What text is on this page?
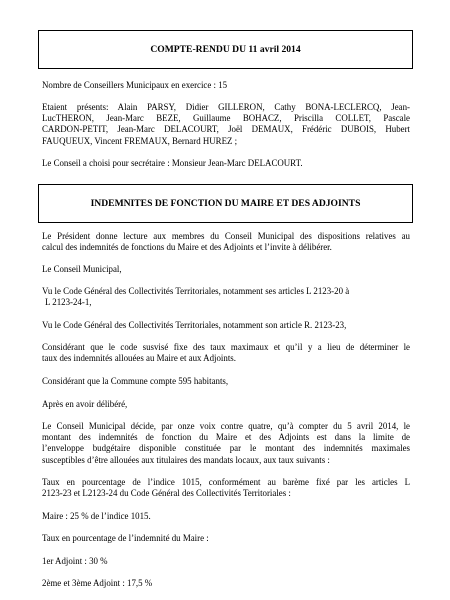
COMPTE-RENDU DU 11 avril 2014

Nombre de Conseillers Municipaux en exercice : 15

Etaient présents: Alain PARSY, Didier GILLERON, Cathy BONA-LECLERCQ, Jean-
LucTHERON, Jean-Marc BEZE, Guillaume BOHACZ, Priscilla COLLET, Pascale
CARDON-PETIT, Jean-Marc DELACOURT, Joël DEMAUX, Frédéric DUBOIS, Hubert
FAUQUEUX, Vincent FREMAUX, Bernard HUREZ ;

Le Conseil a choisi pour secrétaire : Monsieur Jean-Marc DELACOURT.

INDEMNITES DE FONCTION DU MAIRE ET DES ADJOINTS

Le Président donne lecture aux membres du Conseil Municipal des dispositions relatives au
calcul des indemnités de fonctions du Maire et des Adjoints et l’invite à délibérer.

Le Conseil Municipal,

Vu le Code Général des Collectivités Territoriales, notamment ses articles L 2123-20 à
L 2123-24-1,

Vu le Code Général des Collectivités Territoriales, notamment son article R. 2123-23,

Considérant que le code susvisé fixe des taux maximaux et qu’il y a lieu de déterminer le
taux des indemnités allouées au Maire et aux Adjoints.

Considérant que la Commune compte 595 habitants,

Après en avoir délibéré,

Le Conseil Municipal décide, par onze voix contre quatre, qu’à compter du 5 avril 2014, le
montant des indemnités de fonction du Maire et des Adjoints est dans la limite de
l’enveloppe budgétaire disponible constituée par le montant des indemnités maximales
susceptibles d’être allouées aux titulaires des mandats locaux, aux taux suivants :

Taux en pourcentage de l’indice 1015, conformément au barème fixé par les articles L
2123-23 et L2123-24 du Code Général des Collectivités Territoriales :

Maire : 25 % de l’indice 1015.

Taux en pourcentage de l’indemnité du Maire :

1er Adjoint : 30 %

2ème et 3ème Adjoint : 17,5 %
